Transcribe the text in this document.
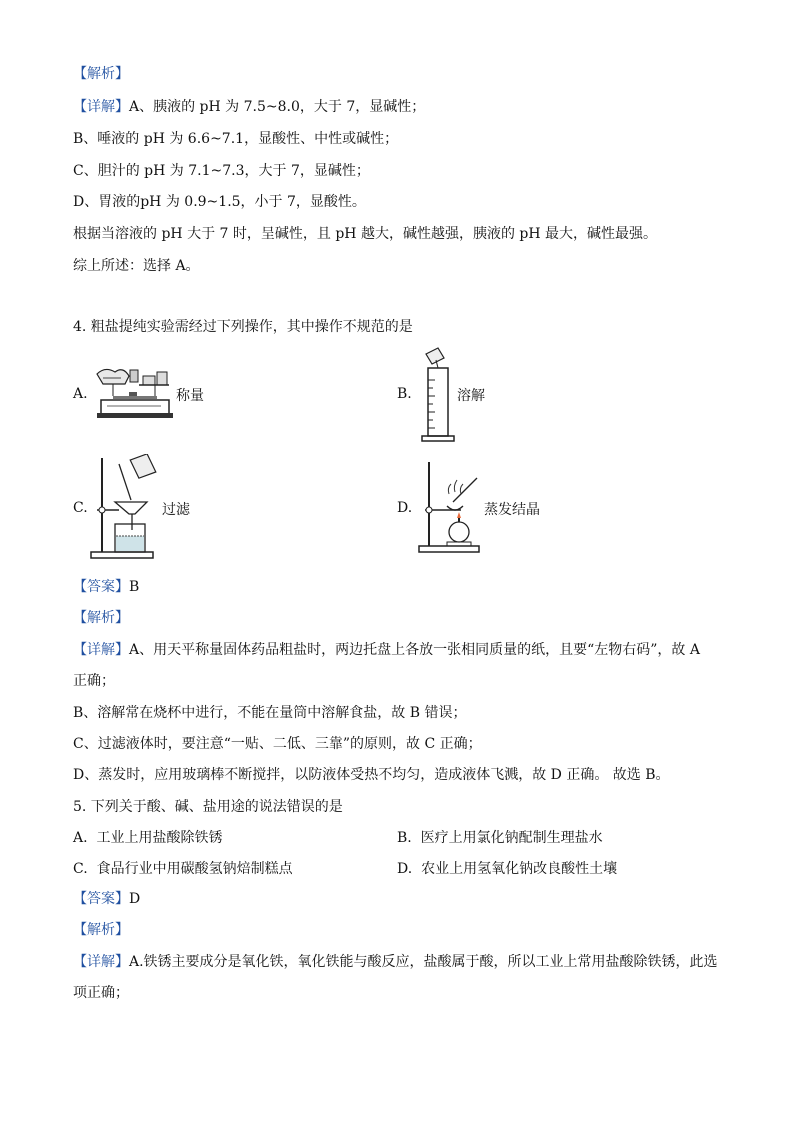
【解析】
【详解】A、胰液的 pH 为 7.5~8.0，大于 7，显碱性；
B、唾液的 pH 为 6.6~7.1，显酸性、中性或碱性；
C、胆汁的 pH 为 7.1~7.3，大于 7，显碱性；
D、胃液的pH 为 0.9~1.5，小于 7，显酸性。
根据当溶液的 pH 大于 7 时，呈碱性，且 pH 越大，碱性越强，胰液的 pH 最大，碱性最强。
综上所述：选择 A。
4. 粗盐提纯实验需经过下列操作，其中操作不规范的是
A.	称量	B.	溶解
C.	过滤	D.	蒸发结晶
【答案】B
【解析】
【详解】A、用天平称量固体药品粗盐时，两边托盘上各放一张相同质量的纸，且要“左物右码”，故 A
正确；
B、溶解常在烧杯中进行，不能在量筒中溶解食盐，故 B 错误；
C、过滤液体时，要注意“一贴、二低、三靠”的原则，故 C 正确；
D、蒸发时，应用玻璃棒不断搅拌，以防液体受热不均匀，造成液体飞溅，故 D 正确。 故选 B。
5. 下列关于酸、碱、盐用途的说法错误的是
A. 工业上用盐酸除铁锈	B. 医疗上用氯化钠配制生理盐水
C. 食品行业中用碳酸氢钠焙制糕点	D. 农业上用氢氧化钠改良酸性土壤
【答案】D
【解析】
【详解】A.铁锈主要成分是氧化铁，氧化铁能与酸反应，盐酸属于酸，所以工业上常用盐酸除铁锈，此选
项正确；
